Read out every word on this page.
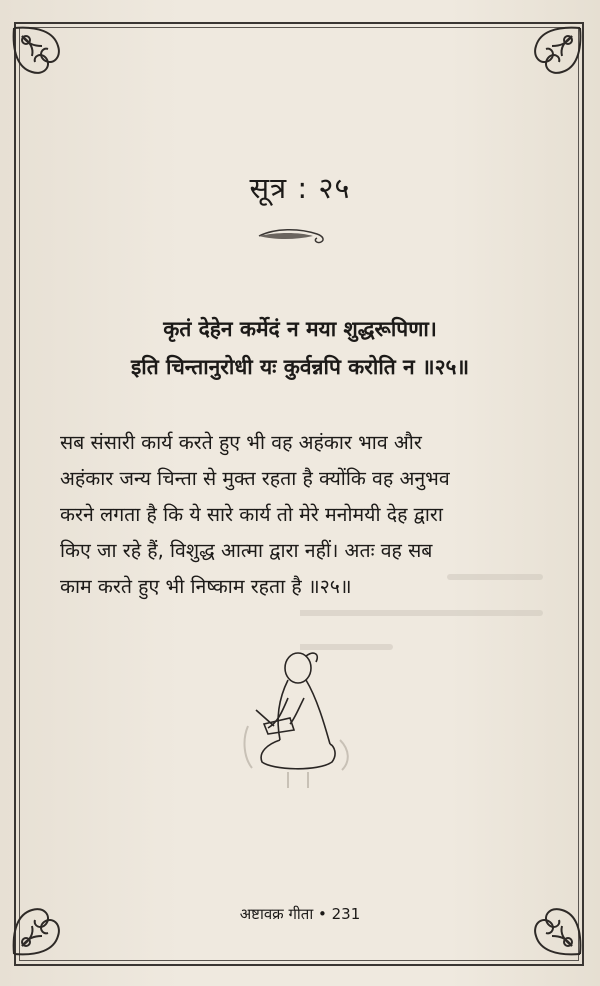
सूत्र : २५
कृतं देहेन कर्मेदं न मया शुद्धरूपिणा।
इति चिन्तानुरोधी यः कुर्वन्नपि करोति न ॥२५॥
सब संसारी कार्य करते हुए भी वह अहंकार भाव और
अहंकार जन्य चिन्ता से मुक्त रहता है क्योंकि वह अनुभव
करने लगता है कि ये सारे कार्य तो मेरे मनोमयी देह द्वारा
किए जा रहे हैं, विशुद्ध आत्मा द्वारा नहीं। अतः वह सब
काम करते हुए भी निष्काम रहता है ॥२५॥
अष्टावक्र गीता • 231
